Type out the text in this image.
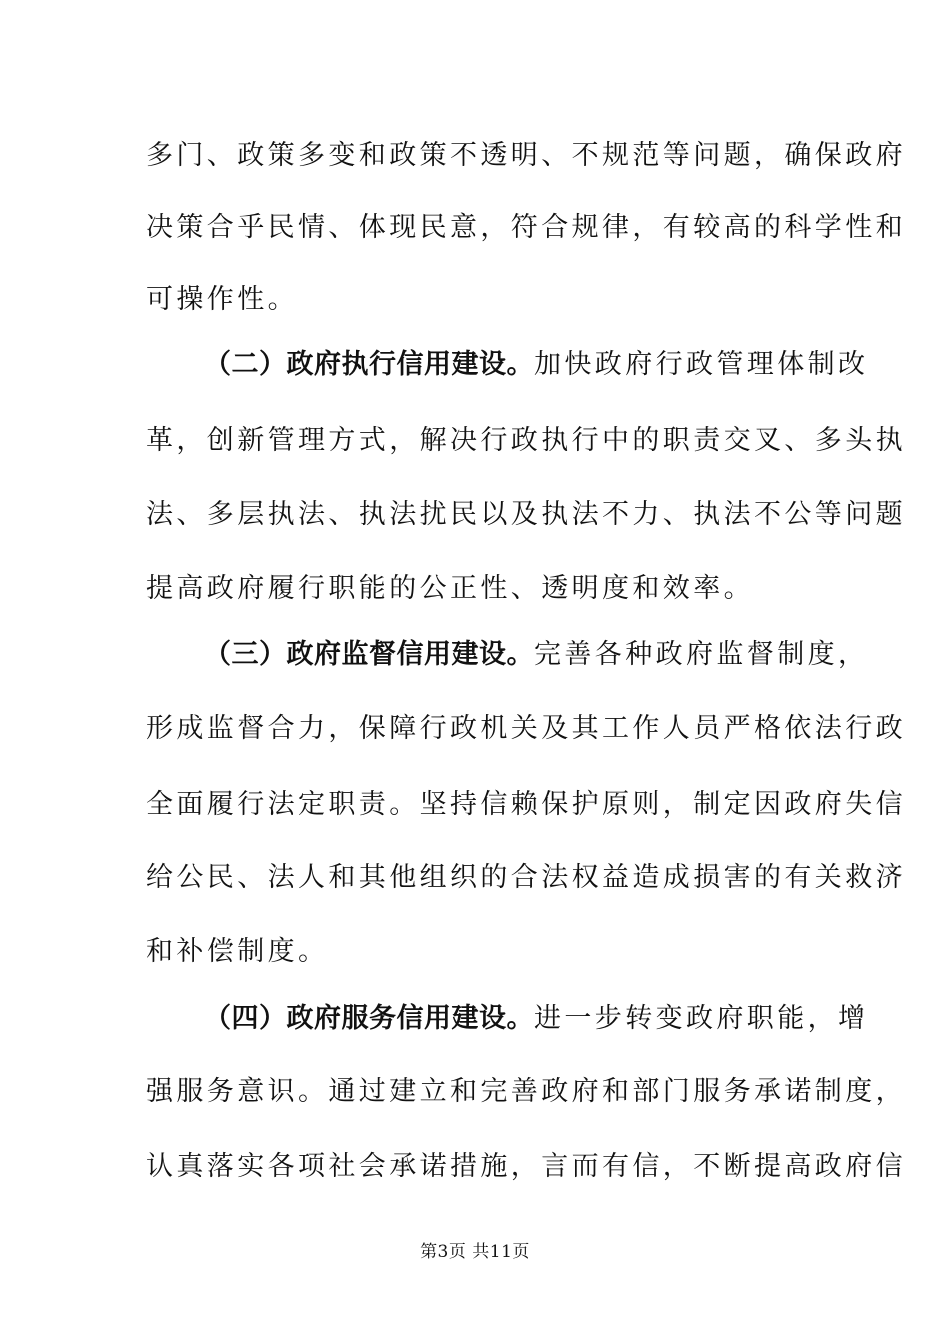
多门、政策多变和政策不透明、不规范等问题，确保政府
决策合乎民情、体现民意，符合规律，有较高的科学性和
可操作性。
（二）政府执行信用建设。加快政府行政管理体制改
革，创新管理方式，解决行政执行中的职责交叉、多头执
法、多层执法、执法扰民以及执法不力、执法不公等问题
提高政府履行职能的公正性、透明度和效率。
（三）政府监督信用建设。完善各种政府监督制度，
形成监督合力，保障行政机关及其工作人员严格依法行政
全面履行法定职责。坚持信赖保护原则，制定因政府失信
给公民、法人和其他组织的合法权益造成损害的有关救济
和补偿制度。
（四）政府服务信用建设。进一步转变政府职能，增
强服务意识。通过建立和完善政府和部门服务承诺制度，
认真落实各项社会承诺措施，言而有信，不断提高政府信
第3页 共11页
